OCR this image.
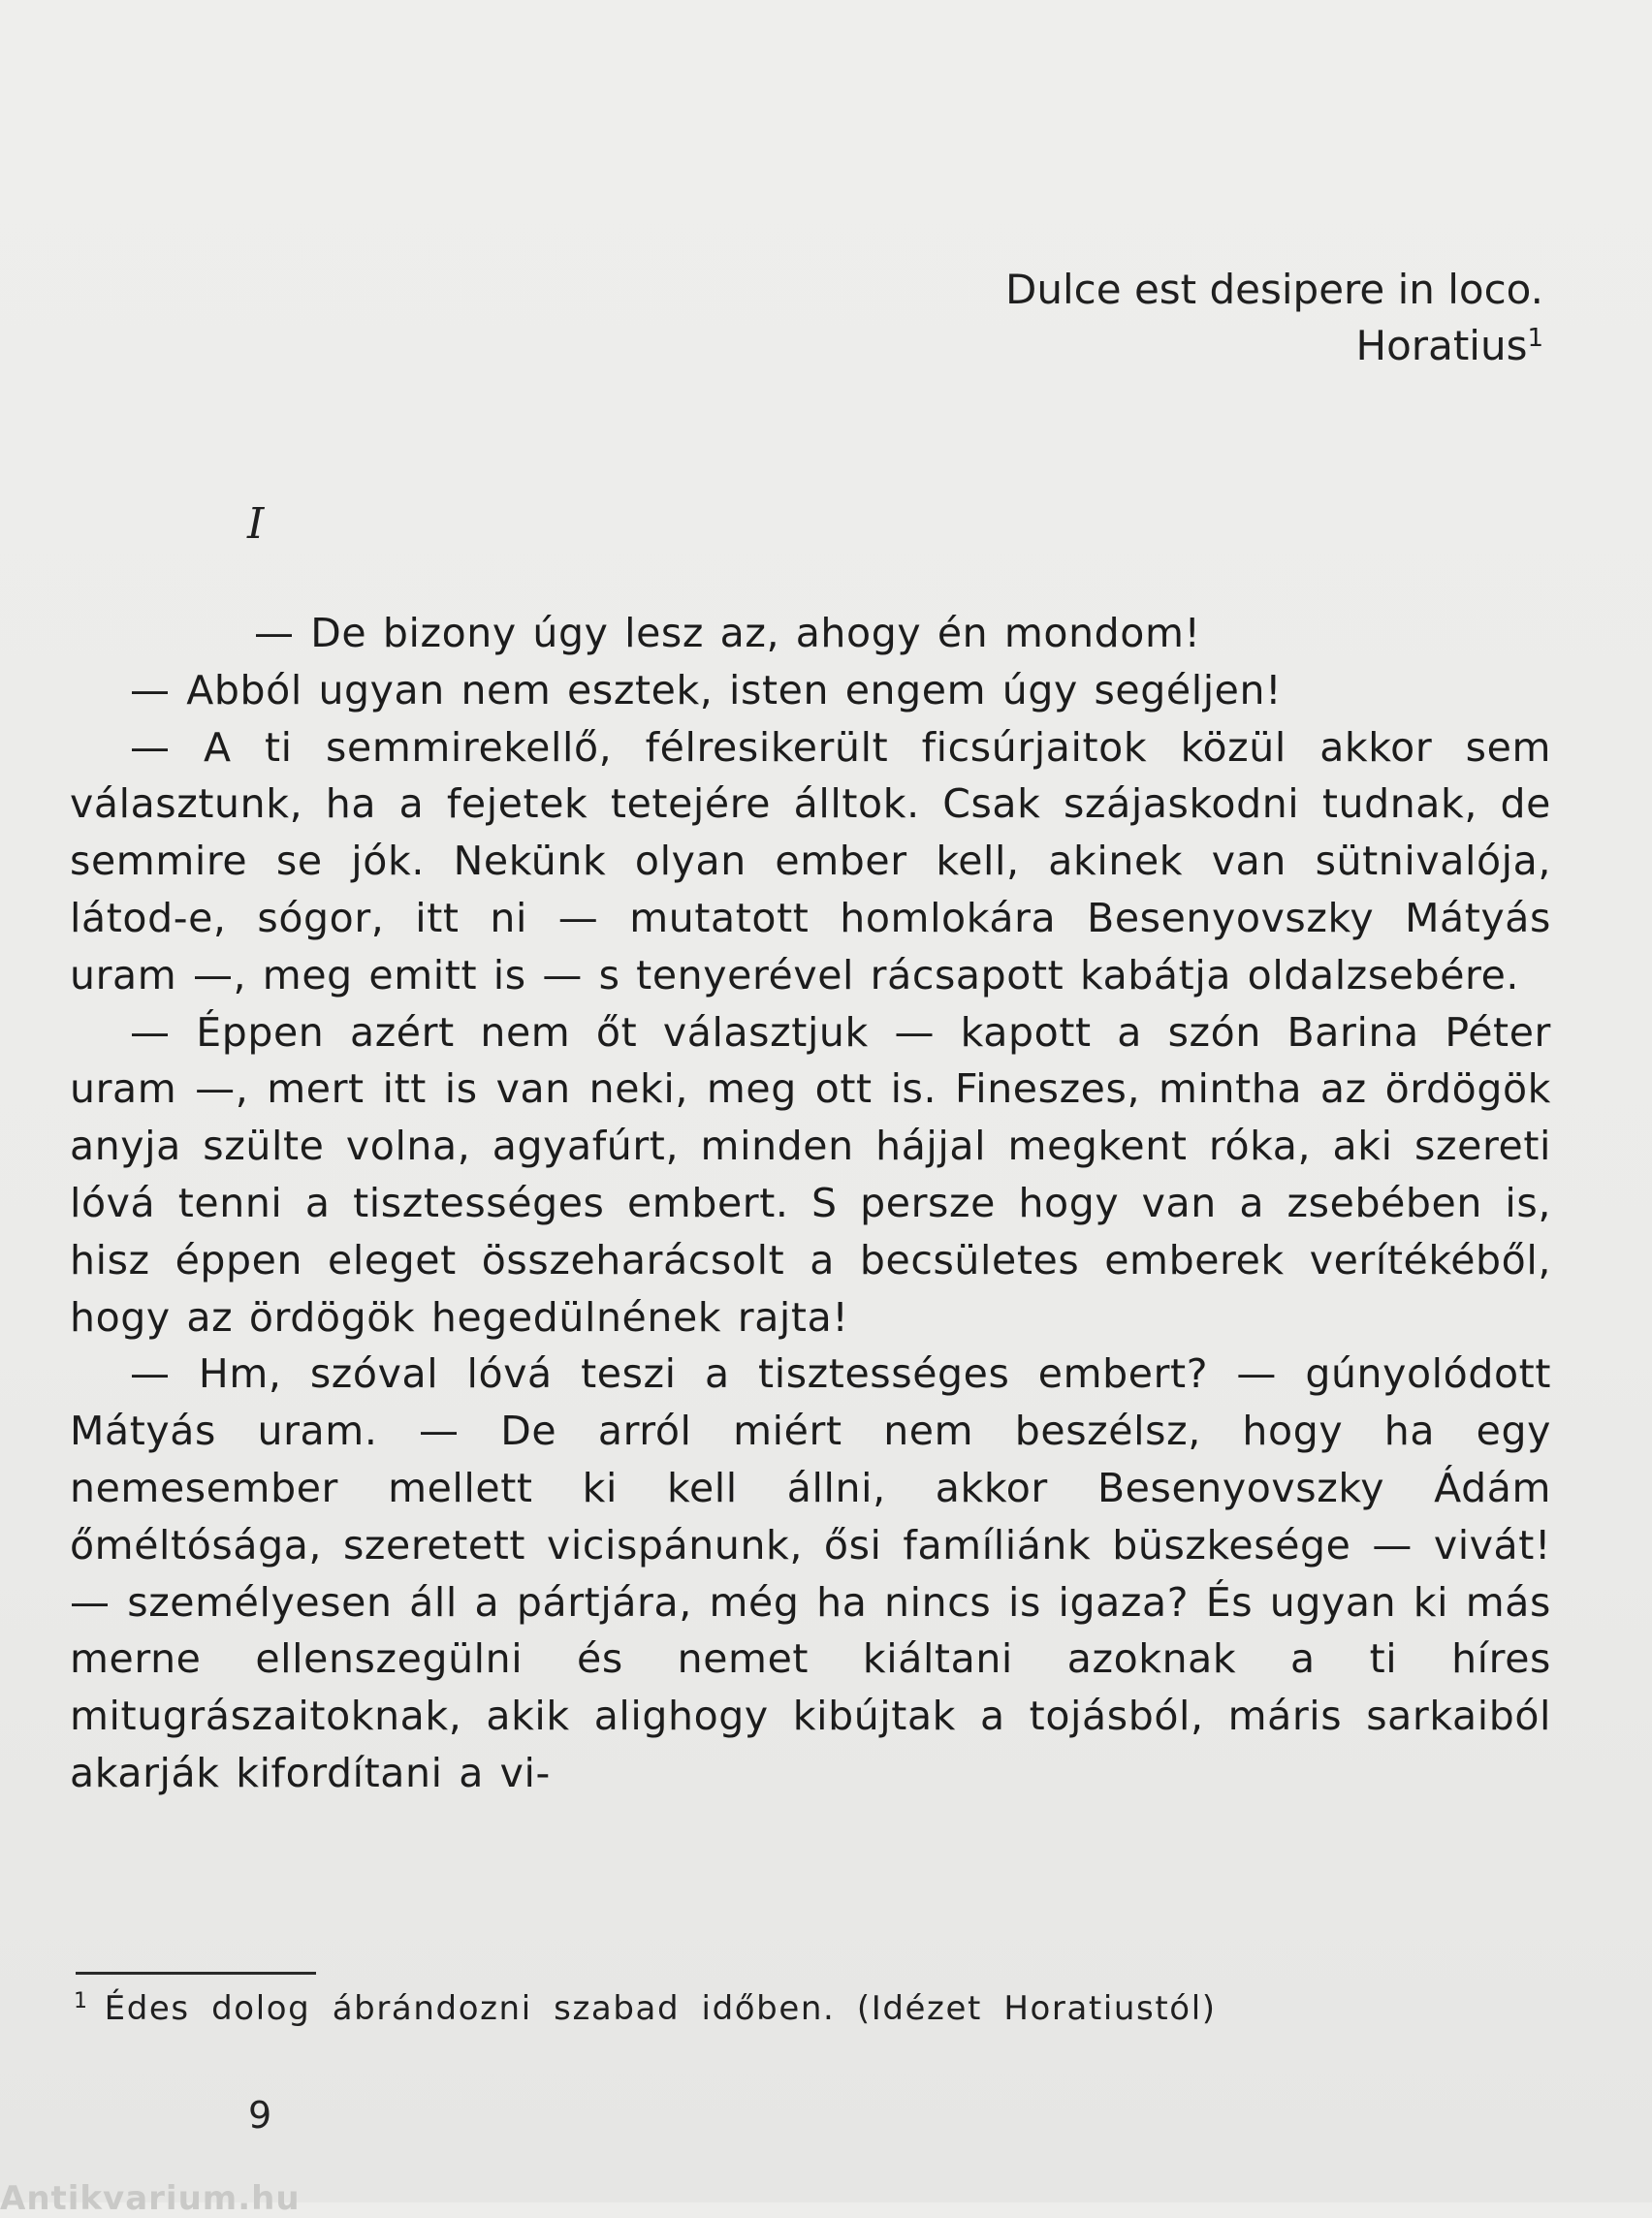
Dulce est desipere in loco.
Horatius$^1$
I

— De bizony úgy lesz az, ahogy én mondom!

— Abból ugyan nem esztek, isten engem úgy segéljen!

— A ti semmirekellő, félresikerült ficsúrjaitok közül akkor sem választunk, ha a fejetek tetejére álltok. Csak szájaskodni tudnak, de semmire se jók. Nekünk olyan ember kell, akinek van sütnivalója, látod-e, sógor, itt ni — mutatott homlokára Besenyovszky Mátyás uram —, meg emitt is — s tenyerével rácsapott kabátja oldalzsebére.

— Éppen azért nem őt választjuk — kapott a szón Barina Péter uram —, mert itt is van neki, meg ott is. Fineszes, mintha az ördögök anyja szülte volna, agyafúrt, minden hájjal megkent róka, aki szereti lóvá tenni a tisztességes embert. S persze hogy van a zsebében is, hisz éppen eleget összeharácsolt a becsületes emberek verítékéből, hogy az ördögök hegedülnének rajta!

— Hm, szóval lóvá teszi a tisztességes embert? — gúnyolódott Mátyás uram. — De arról miért nem beszélsz, hogy ha egy nemesember mellett ki kell állni, akkor Besenyovszky Ádám őméltósága, szeretett vicispánunk, ősi famíliánk büszkesége — vivát! — személyesen áll a pártjára, még ha nincs is igaza? És ugyan ki más merne ellenszegülni és nemet kiáltani azoknak a ti híres mitugrászaitoknak, akik alighogy kibújtak a tojásból, máris sarkaiból akarják kifordítani a vi-

$^1$ Édes dolog ábrándozni szabad időben. (Idézet Horatiustól)
9
Antikvarium.hu
